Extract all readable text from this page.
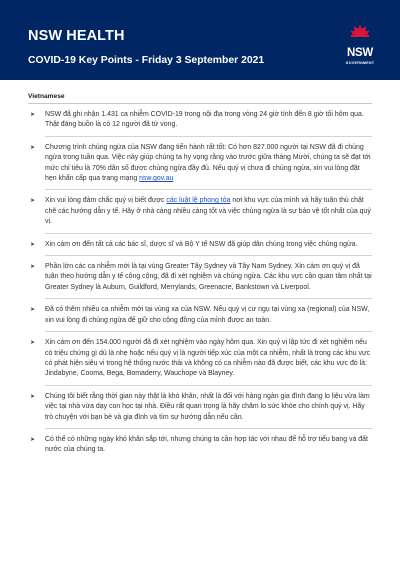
NSW HEALTH
COVID-19 Key Points - Friday 3 September 2021
NSW
GOVERNMENT
Vietnamese
➤ NSW đã ghi nhận 1.431 ca nhiễm COVID-19 trong nội địa trong vòng 24 giờ tính đến 8 giờ tối hôm qua. Thật đáng buồn là có 12 người đã từ vong.
➤ Chương trình chủng ngừa của NSW đang tiến hành rất tốt: Có hơn 827.000 người tại NSW đã đi chủng ngừa trong tuần qua. Việc này giúp chúng ta hy vọng rằng vào trước giữa tháng Mười, chúng ta sẽ đạt tới mức chỉ tiêu là 70% dân số được chủng ngừa đầy đủ. Nếu quý vị chưa đi chủng ngừa, xin vui lòng đặt hẹn khẩn cấp qua trang mạng nsw.gov.au
➤ Xin vui lòng đảm chắc quý vị biết được các luật lệ phong tỏa nơi khu vực của mình và hãy tuân thủ chặt chẽ các hướng dẫn y tế. Hãy ở nhà càng nhiều càng tốt và việc chủng ngừa là sự bảo vệ tốt nhất của quý vị.
➤ Xin cám ơn đến tất cả các bác sĩ, dược sĩ và Bộ Y tế NSW đã giúp dân chúng trong việc chủng ngừa.
➤ Phần lớn các ca nhiễm mới là tại vùng Greater Tây Sydney và Tây Nam Sydney. Xin cám ơn quý vị đã tuân theo hướng dẫn y tế công cộng, đã đi xét nghiệm và chủng ngừa. Các khu vực cần quan tâm nhất tại Greater Sydney là Auburn, Guildford, Merrylands, Greenacre, Bankstown và Liverpool.
➤ Đã có thêm nhiều ca nhiễm mới tại vùng xa của NSW. Nếu quý vị cư ngụ tại vùng xa (regional) của NSW, xin vui lòng đi chủng ngừa để giữ cho cộng đồng của mình được an toàn.
➤ Xin cám ơn đến 154.000 người đã đi xét nghiệm vào ngày hôm qua. Xin quý vị lập tức đi xét nghiệm nếu có triệu chứng gì dù là nhẹ hoặc nếu quý vị là người tiếp xúc của một ca nhiễm, nhất là trong các khu vực có phát hiện siêu vi trong hệ thống nước thải và không có ca nhiễm nào đã được biết, các khu vực đó là: Jindabyne, Cooma, Bega, Bomaderry, Wauchope và Blayney.
➤ Chúng tôi biết rằng thời gian này thật là khó khăn, nhất là đối với hàng ngàn gia đình đang lo liệu vừa làm việc tại nhà vừa dạy con học tại nhà. Điều rất quan trọng là hãy chăm lo sức khỏe cho chính quý vị. Hãy trò chuyện với bạn bè và gia đình và tìm sự hướng dẫn nếu cần.
➤ Có thể có những ngày khó khăn sắp tới, nhưng chúng ta cần hợp tác với nhau để hỗ trợ tiểu bang và đất nước của chúng ta.
